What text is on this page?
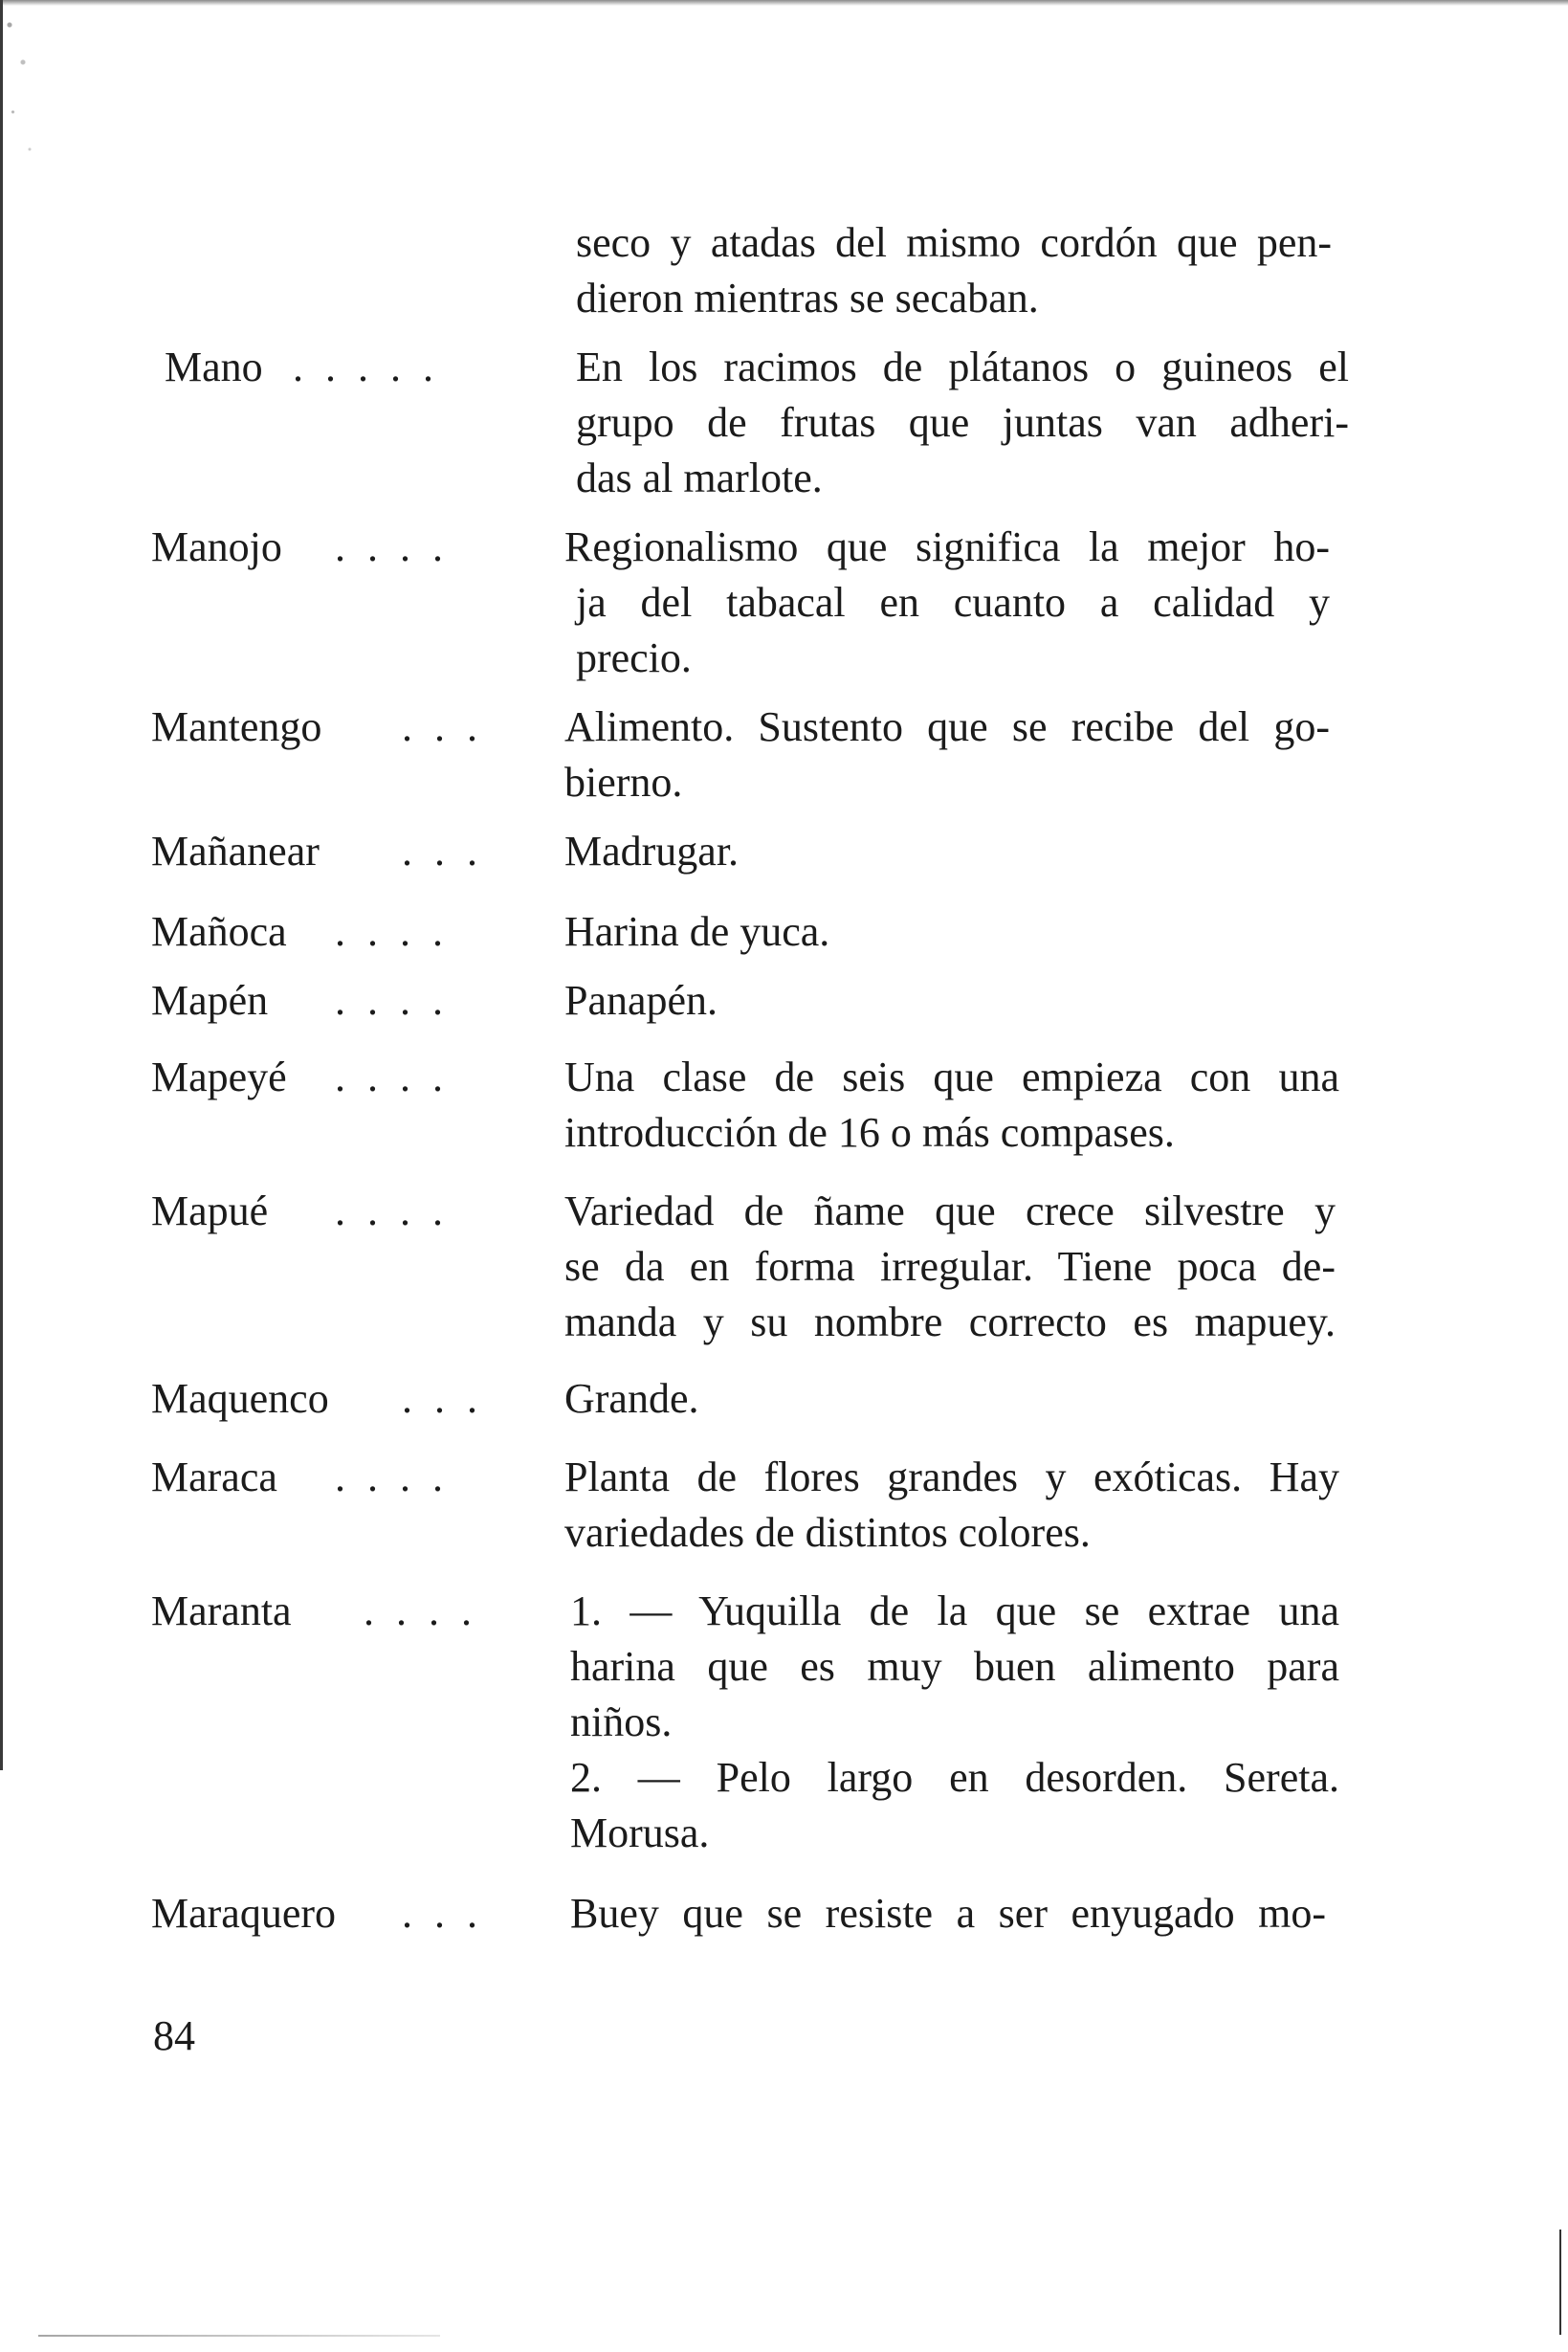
seco y atadas del mismo cordón que pen-

dieron mientras se secaban.

Mano . . . . .	En los racimos de plátanos o guineos el

grupo de frutas que juntas van adheri-

das al marlote.

Manojo . . . .	Regionalismo que significa la mejor ho-

ja del tabacal en cuanto a calidad y

precio.

Mantengo . . . Alimento. Sustento que se recibe del go-

bierno.

Mañanear . . . Madrugar.

Mañoca . . . .	Harina de yuca.

Mapén . . . .	Panapén.

Mapeyé . . . .	Una clase de seis que empieza con una

introducción de 16 o más compases.

Mapué . . . .	Variedad de ñame que crece silvestre y

se da en forma irregular. Tiene poca de-

manda y su nombre correcto es mapuey.

Maquenco . . . Grande.

Maraca . . . .	Planta de flores grandes y exóticas. Hay

variedades de distintos colores.

Maranta . . . . 1. — Yuquilla de la que se extrae una

harina que es muy buen alimento para

niños.

2. — Pelo largo en desorden. Sereta.

Morusa.

Maraquero . . . Buey que se resiste a ser enyugado mo-

84
